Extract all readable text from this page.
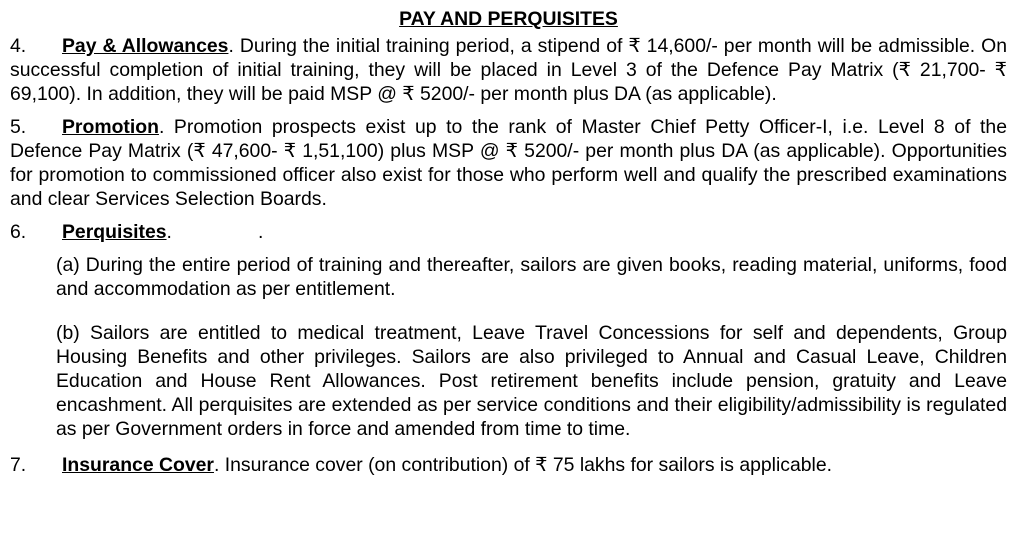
PAY AND PERQUISITES
4. Pay & Allowances. During the initial training period, a stipend of ₹ 14,600/- per month will be admissible. On successful completion of initial training, they will be placed in Level 3 of the Defence Pay Matrix (₹ 21,700- ₹ 69,100). In addition, they will be paid MSP @ ₹ 5200/- per month plus DA (as applicable).
5. Promotion. Promotion prospects exist up to the rank of Master Chief Petty Officer-I, i.e. Level 8 of the Defence Pay Matrix (₹ 47,600- ₹ 1,51,100) plus MSP @ ₹ 5200/- per month plus DA (as applicable). Opportunities for promotion to commissioned officer also exist for those who perform well and qualify the prescribed examinations and clear Services Selection Boards.
6. Perquisites.	.
(a) During the entire period of training and thereafter, sailors are given books, reading material, uniforms, food and accommodation as per entitlement.
(b) Sailors are entitled to medical treatment, Leave Travel Concessions for self and dependents, Group Housing Benefits and other privileges. Sailors are also privileged to Annual and Casual Leave, Children Education and House Rent Allowances. Post retirement benefits include pension, gratuity and Leave encashment. All perquisites are extended as per service conditions and their eligibility/admissibility is regulated as per Government orders in force and amended from time to time.
7. Insurance Cover. Insurance cover (on contribution) of ₹ 75 lakhs for sailors is applicable.
